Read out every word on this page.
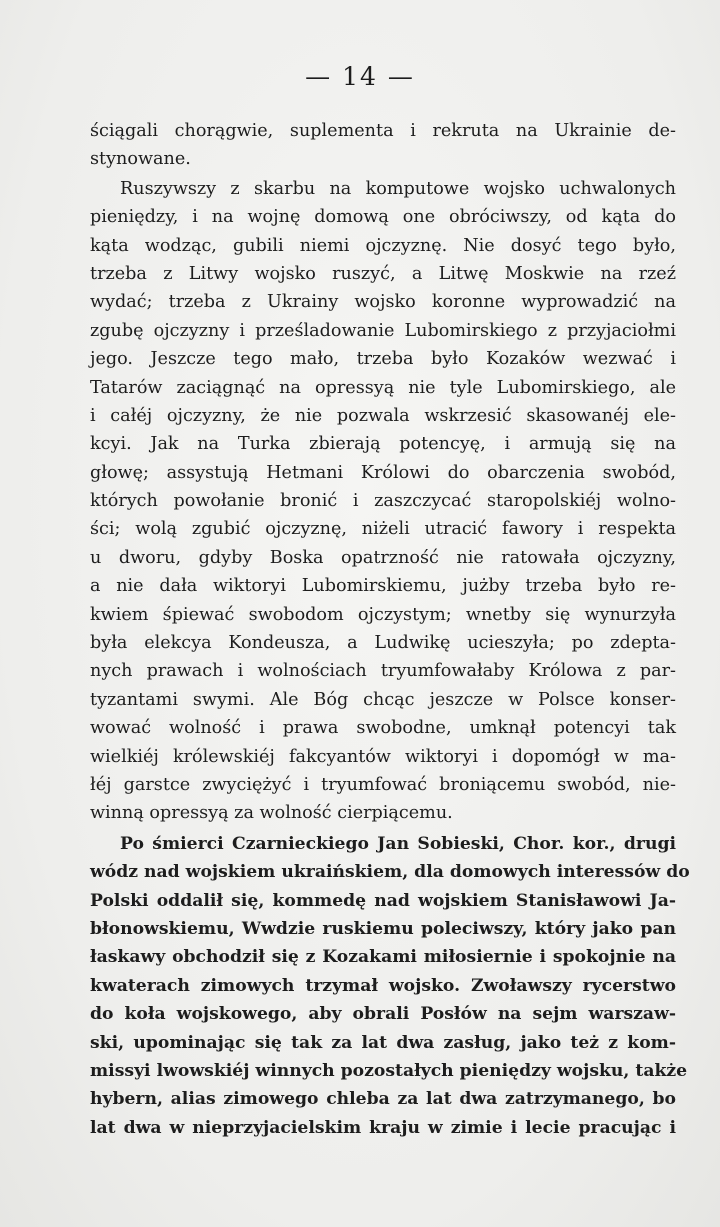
— 14 —
ściągali chorągwie, suplementa i rekruta na Ukrainie de-
stynowane.
Ruszywszy z skarbu na komputowe wojsko uchwalonych
pieniędzy, i na wojnę domową one obróciwszy, od kąta do
kąta wodząc, gubili niemi ojczyznę. Nie dosyć tego było,
trzeba z Litwy wojsko ruszyć, a Litwę Moskwie na rzeź
wydać; trzeba z Ukrainy wojsko koronne wyprowadzić na
zgubę ojczyzny i prześladowanie Lubomirskiego z przyjaciołmi
jego. Jeszcze tego mało, trzeba było Kozaków wezwać i
Tatarów zaciągnąć na opressyą nie tyle Lubomirskiego, ale
i całéj ojczyzny, że nie pozwala wskrzesić skasowanéj ele-
kcyi. Jak na Turka zbierają potencyę, i armują się na
głowę; assystują Hetmani Królowi do obarczenia swobód,
których powołanie bronić i zaszczycać staropolskiéj wolno-
ści; wolą zgubić ojczyznę, niżeli utracić fawory i respekta
u dworu, gdyby Boska opatrzność nie ratowała ojczyzny,
a nie dała wiktoryi Lubomirskiemu, jużby trzeba było re-
kwiem śpiewać swobodom ojczystym; wnetby się wynurzyła
była elekcya Kondeusza, a Ludwikę ucieszyła; po zdepta-
nych prawach i wolnościach tryumfowałaby Królowa z par-
tyzantami swymi. Ale Bóg chcąc jeszcze w Polsce konser-
wować wolność i prawa swobodne, umknął potencyi tak
wielkiéj królewskiéj fakcyantów wiktoryi i dopomógł w ma-
łéj garstce zwyciężyć i tryumfować broniącemu swobód, nie-
winną opressyą za wolność cierpiącemu.
Po śmierci Czarnieckiego Jan Sobieski, Chor. kor., drugi
wódz nad wojskiem ukraińskiem, dla domowych interessów do
Polski oddalił się, kommedę nad wojskiem Stanisławowi Ja-
błonowskiemu, Wwdzie ruskiemu polecіwszy, który jako pan
łaskawy obchodził się z Kozakami miłosiernie i spokojnie na
kwaterach zimowych trzymał wojsko. Zwoławszy rycerstwo
do koła wojskowego, aby obrali Posłów na sejm warszaw-
ski, upominając się tak za lat dwa zasług, jako też z kom-
missyi lwowskiéj winnych pozostałych pieniędzy wojsku, także
hybern, alias zimowego chleba za lat dwa zatrzymanego, bo
lat dwa w nieprzyjacielskim kraju w zimie i lecie pracując i
